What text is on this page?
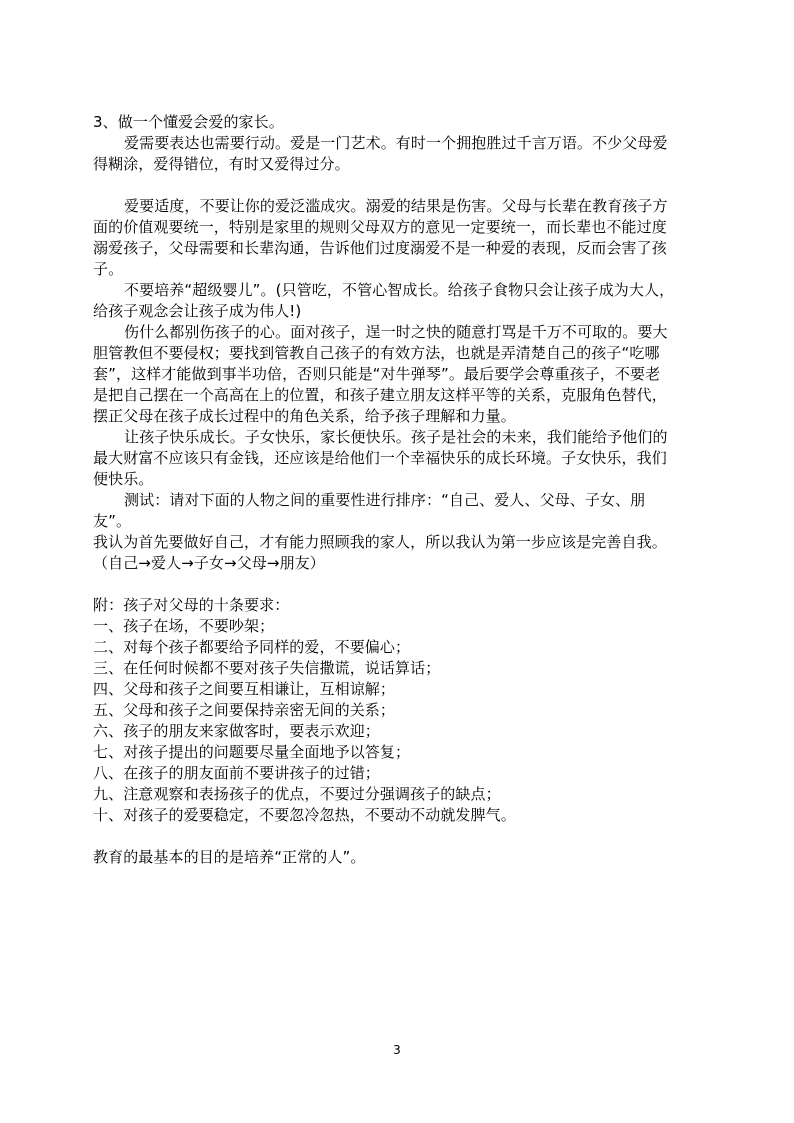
3、做一个懂爱会爱的家长。
爱需要表达也需要行动。爱是一门艺术。有时一个拥抱胜过千言万语。不少父母爱
得糊涂，爱得错位，有时又爱得过分。
爱要适度，不要让你的爱泛滥成灾。溺爱的结果是伤害。父母与长辈在教育孩子方
面的价值观要统一，特别是家里的规则父母双方的意见一定要统一，而长辈也不能过度
溺爱孩子，父母需要和长辈沟通，告诉他们过度溺爱不是一种爱的表现，反而会害了孩
子。
不要培养“超级婴儿”。(只管吃，不管心智成长。给孩子食物只会让孩子成为大人，
给孩子观念会让孩子成为伟人!)
伤什么都别伤孩子的心。面对孩子，逞一时之快的随意打骂是千万不可取的。要大
胆管教但不要侵权；要找到管教自己孩子的有效方法，也就是弄清楚自己的孩子“吃哪
套”，这样才能做到事半功倍，否则只能是“对牛弹琴”。最后要学会尊重孩子，不要老
是把自己摆在一个高高在上的位置，和孩子建立朋友这样平等的关系，克服角色替代，
摆正父母在孩子成长过程中的角色关系，给予孩子理解和力量。
让孩子快乐成长。子女快乐，家长便快乐。孩子是社会的未来，我们能给予他们的
最大财富不应该只有金钱，还应该是给他们一个幸福快乐的成长环境。子女快乐，我们
便快乐。
测试：请对下面的人物之间的重要性进行排序：“自己、爱人、父母、子女、朋
友”。
我认为首先要做好自己，才有能力照顾我的家人，所以我认为第一步应该是完善自我。
（自己→爱人→子女→父母→朋友）
附：孩子对父母的十条要求：
一、孩子在场，不要吵架；
二、对每个孩子都要给予同样的爱，不要偏心；
三、在任何时候都不要对孩子失信撒谎，说话算话；
四、父母和孩子之间要互相谦让，互相谅解；
五、父母和孩子之间要保持亲密无间的关系；
六、孩子的朋友来家做客时，要表示欢迎；
七、对孩子提出的问题要尽量全面地予以答复；
八、在孩子的朋友面前不要讲孩子的过错；
九、注意观察和表扬孩子的优点，不要过分强调孩子的缺点；
十、对孩子的爱要稳定，不要忽冷忽热，不要动不动就发脾气。
教育的最基本的目的是培养“正常的人”。
3
